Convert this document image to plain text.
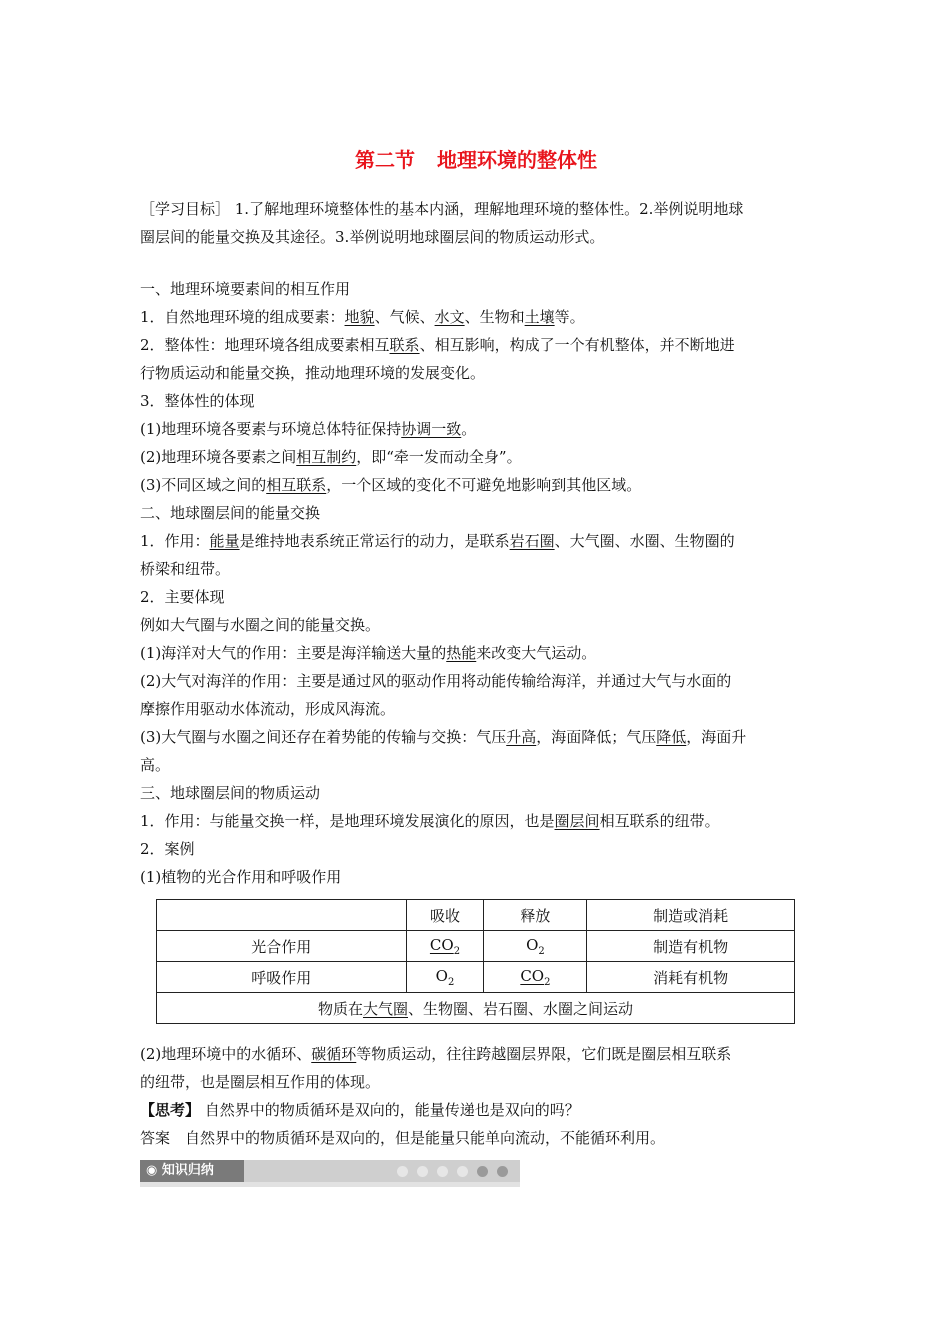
第二节 地理环境的整体性

［学习目标］ 1.了解地理环境整体性的基本内涵，理解地理环境的整体性。2.举例说明地球

圈层间的能量交换及其途径。3.举例说明地球圈层间的物质运动形式。

一、地理环境要素间的相互作用

1．自然地理环境的组成要素：地貌、气候、水文、生物和土壤等。

2．整体性：地理环境各组成要素相互联系、相互影响，构成了一个有机整体，并不断地进

行物质运动和能量交换，推动地理环境的发展变化。

3．整体性的体现

(1)地理环境各要素与环境总体特征保持协调一致。

(2)地理环境各要素之间相互制约，即“牵一发而动全身”。

(3)不同区域之间的相互联系，一个区域的变化不可避免地影响到其他区域。

二、地球圈层间的能量交换

1．作用：能量是维持地表系统正常运行的动力，是联系岩石圈、大气圈、水圈、生物圈的

桥梁和纽带。

2．主要体现

例如大气圈与水圈之间的能量交换。

(1)海洋对大气的作用：主要是海洋输送大量的热能来改变大气运动。

(2)大气对海洋的作用：主要是通过风的驱动作用将动能传输给海洋，并通过大气与水面的

摩擦作用驱动水体流动，形成风海流。

(3)大气圈与水圈之间还存在着势能的传输与交换：气压升高，海面降低；气压降低，海面升

高。

三、地球圈层间的物质运动

1．作用：与能量交换一样，是地理环境发展演化的原因，也是圈层间相互联系的纽带。

2．案例

(1)植物的光合作用和呼吸作用

	吸收	释放	制造或消耗
光合作用	$CO_2$	$O_2$	制造有机物
呼吸作用	$O_2$	$CO_2$	消耗有机物
物质在大气圈、生物圈、岩石圈、水圈之间运动			

(2)地理环境中的水循环、碳循环等物质运动，往往跨越圈层界限，它们既是圈层相互联系

的纽带，也是圈层相互作用的体现。

【思考】 自然界中的物质循环是双向的，能量传递也是双向的吗？

答案　自然界中的物质循环是双向的，但是能量只能单向流动，不能循环利用。

◉ 知识归纳
